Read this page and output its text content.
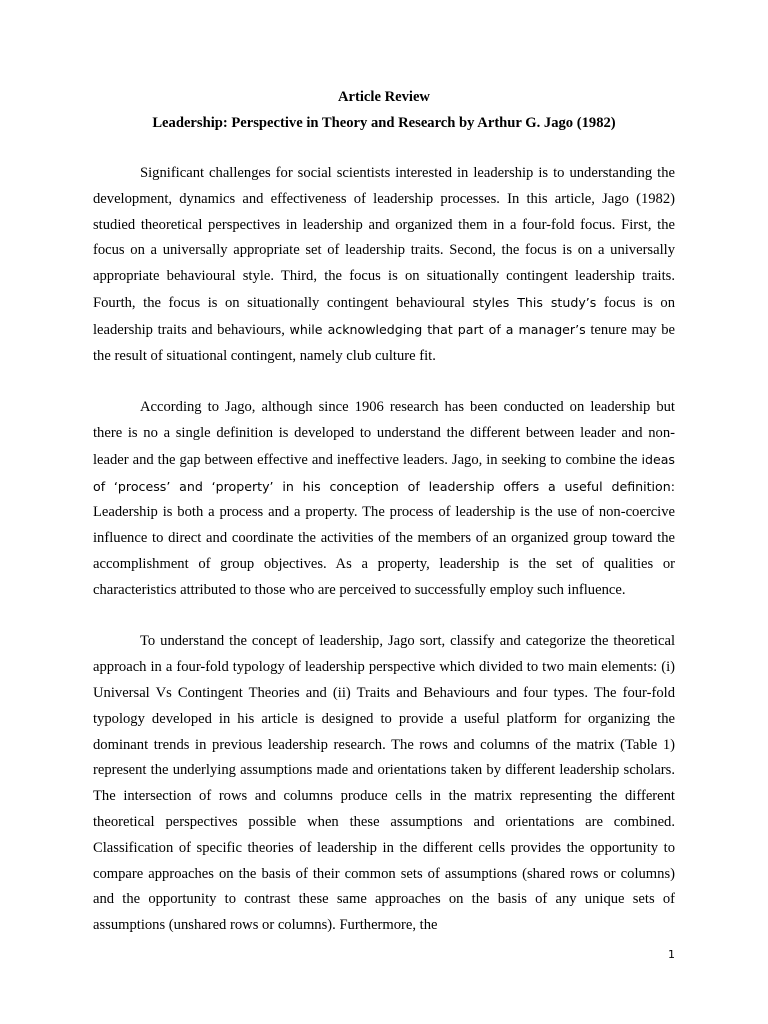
Article Review
Leadership: Perspective in Theory and Research by Arthur G. Jago (1982)

Significant challenges for social scientists interested in leadership is to understanding the development, dynamics and effectiveness of leadership processes. In this article, Jago (1982) studied theoretical perspectives in leadership and organized them in a four-fold focus. First, the focus on a universally appropriate set of leadership traits. Second, the focus is on a universally appropriate behavioural style. Third, the focus is on situationally contingent leadership traits. Fourth, the focus is on situationally contingent behavioural styles This study’s focus is on leadership traits and behaviours, while acknowledging that part of a manager’s tenure may be the result of situational contingent, namely club culture fit.

According to Jago, although since 1906 research has been conducted on leadership but there is no a single definition is developed to understand the different between leader and non-leader and the gap between effective and ineffective leaders. Jago, in seeking to combine the ideas of ‘process’ and ‘property’ in his conception of leadership offers a useful definition: Leadership is both a process and a property. The process of leadership is the use of non-coercive influence to direct and coordinate the activities of the members of an organized group toward the accomplishment of group objectives. As a property, leadership is the set of qualities or characteristics attributed to those who are perceived to successfully employ such influence.

To understand the concept of leadership, Jago sort, classify and categorize the theoretical approach in a four-fold typology of leadership perspective which divided to two main elements: (i) Universal Vs Contingent Theories and (ii) Traits and Behaviours and four types. The four-fold typology developed in his article is designed to provide a useful platform for organizing the dominant trends in previous leadership research. The rows and columns of the matrix (Table 1) represent the underlying assumptions made and orientations taken by different leadership scholars. The intersection of rows and columns produce cells in the matrix representing the different theoretical perspectives possible when these assumptions and orientations are combined. Classification of specific theories of leadership in the different cells provides the opportunity to compare approaches on the basis of their common sets of assumptions (shared rows or columns) and the opportunity to contrast these same approaches on the basis of any unique sets of assumptions (unshared rows or columns). Furthermore, the

1
